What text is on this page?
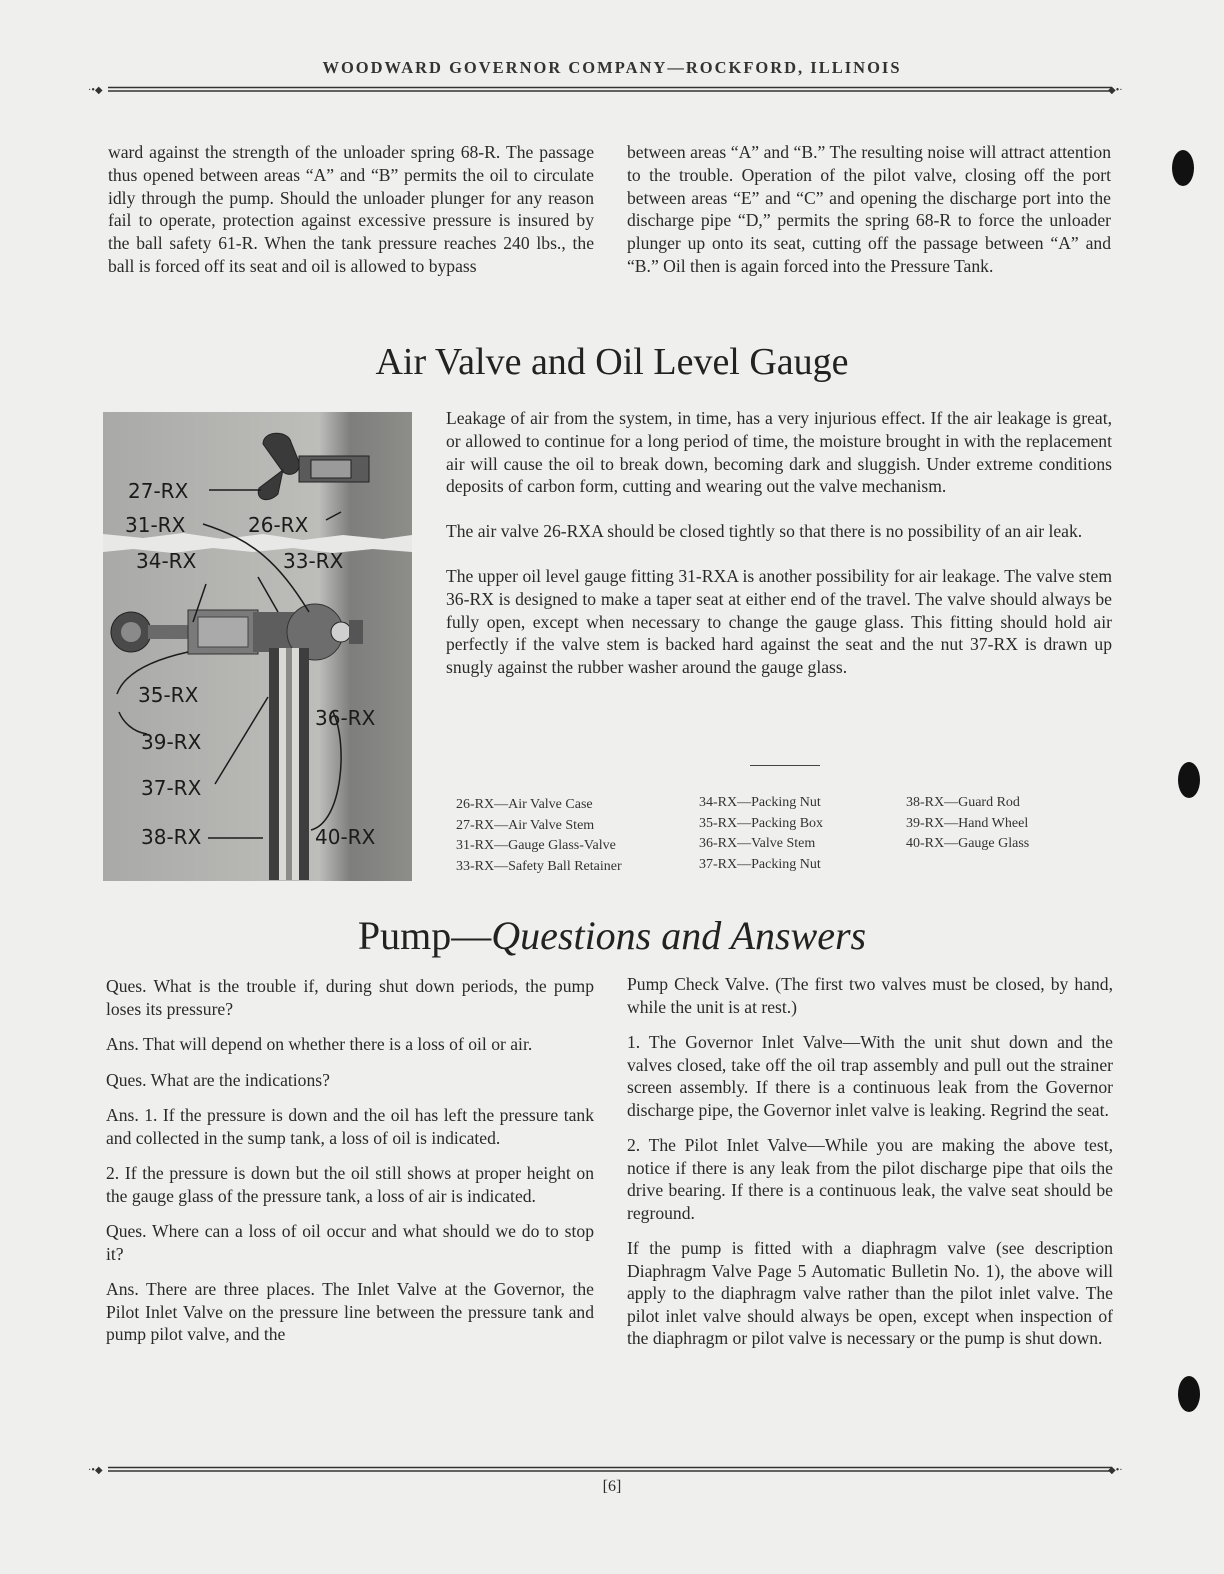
WOODWARD GOVERNOR COMPANY—ROCKFORD, ILLINOIS
·•◆	◆•·

ward against the strength of the unloader spring 68-R. The passage thus opened between areas “A” and “B” permits the oil to circulate idly through the pump. Should the unloader plunger for any reason fail to operate, protection against excessive pressure is insured by the ball safety 61-R. When the tank pressure reaches 240 lbs., the ball is forced off its seat and oil is allowed to bypass

between areas “A” and “B.” The resulting noise will attract attention to the trouble. Operation of the pilot valve, closing off the port between areas “E” and “C” and opening the discharge port into the discharge pipe “D,” permits the spring 68-R to force the unloader plunger up onto its seat, cutting off the passage between “A” and “B.” Oil then is again forced into the Pressure Tank.

Air Valve and Oil Level Gauge
27-RX
31-RX	26-RX
34-RX	33-RX
35-RX
36-RX
39-RX
37-RX
38-RX	40-RX

Leakage of air from the system, in time, has a very injurious effect. If the air leakage is great, or allowed to continue for a long period of time, the moisture brought in with the replacement air will cause the oil to break down, becoming dark and sluggish. Under extreme conditions deposits of carbon form, cutting and wearing out the valve mechanism.

The air valve 26-RXA should be closed tightly so that there is no possibility of an air leak.

The upper oil level gauge fitting 31-RXA is another possibility for air leakage. The valve stem 36-RX is designed to make a taper seat at either end of the travel. The valve should always be fully open, except when necessary to change the gauge glass. This fitting should hold air perfectly if the valve stem is backed hard against the seat and the nut 37-RX is drawn up snugly against the rubber washer around the gauge glass.

26-RX—Air Valve Case
27-RX—Air Valve Stem
31-RX—Gauge Glass-Valve
33-RX—Safety Ball Retainer
34-RX—Packing Nut
35-RX—Packing Box
36-RX—Valve Stem
37-RX—Packing Nut
38-RX—Guard Rod
39-RX—Hand Wheel
40-RX—Gauge Glass
Pump—Questions and Answers

Ques. What is the trouble if, during shut down periods, the pump loses its pressure?

Ans. That will depend on whether there is a loss of oil or air.

Ques. What are the indications?

Ans. 1. If the pressure is down and the oil has left the pressure tank and collected in the sump tank, a loss of oil is indicated.

2. If the pressure is down but the oil still shows at proper height on the gauge glass of the pressure tank, a loss of air is indicated.

Ques. Where can a loss of oil occur and what should we do to stop it?

Ans. There are three places. The Inlet Valve at the Governor, the Pilot Inlet Valve on the pressure line between the pressure tank and pump pilot valve, and the

Pump Check Valve. (The first two valves must be closed, by hand, while the unit is at rest.)

1. The Governor Inlet Valve—With the unit shut down and the valves closed, take off the oil trap assembly and pull out the strainer screen assembly. If there is a continuous leak from the Governor discharge pipe, the Governor inlet valve is leaking. Regrind the seat.

2. The Pilot Inlet Valve—While you are making the above test, notice if there is any leak from the pilot discharge pipe that oils the drive bearing. If there is a continuous leak, the valve seat should be reground.

If the pump is fitted with a diaphragm valve (see description Diaphragm Valve Page 5 Automatic Bulletin No. 1), the above will apply to the diaphragm valve rather than the pilot inlet valve. The pilot inlet valve should always be open, except when inspection of the diaphragm or pilot valve is necessary or the pump is shut down.

·•◆	◆•·
[6]
